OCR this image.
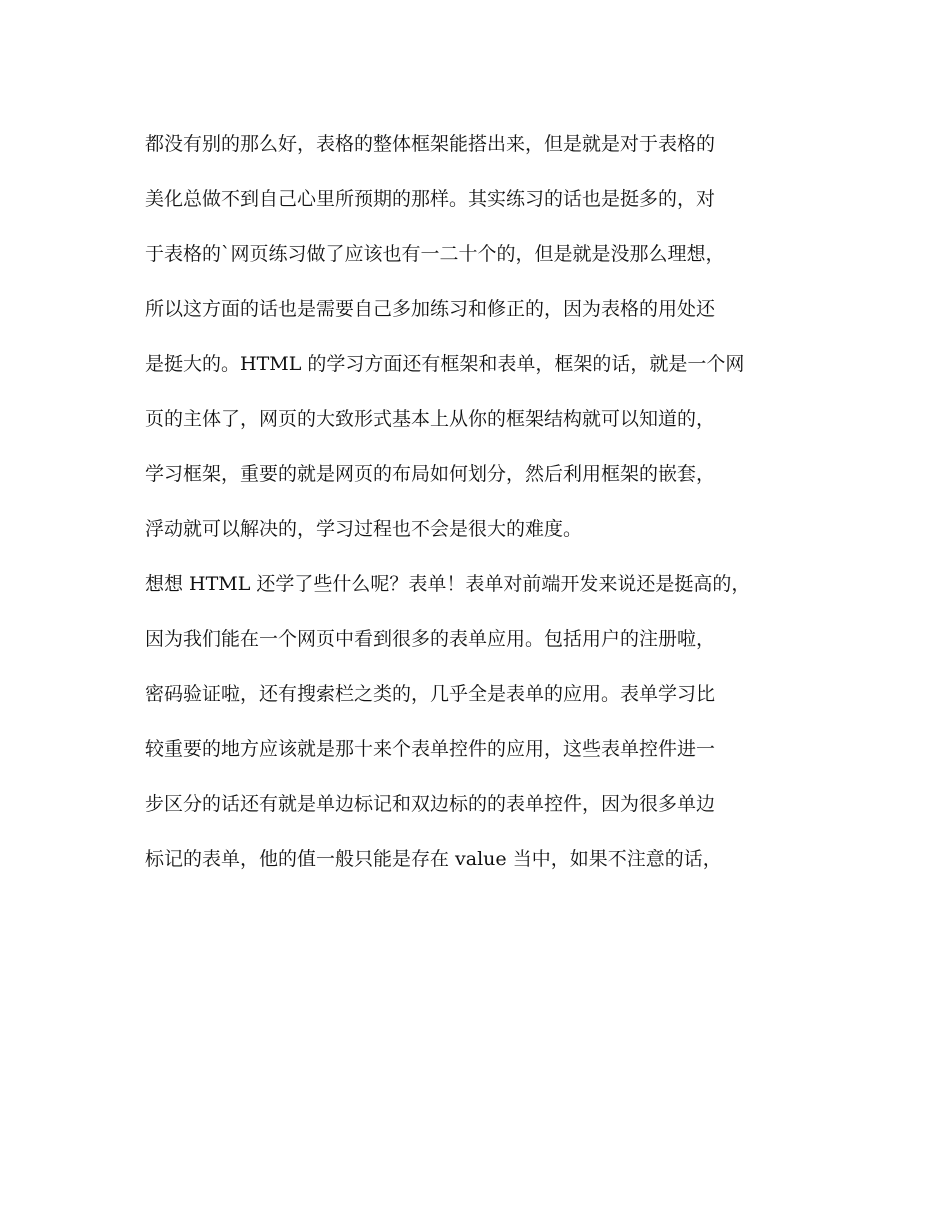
都没有别的那么好，表格的整体框架能搭出来，但是就是对于表格的
美化总做不到自己心里所预期的那样。其实练习的话也是挺多的，对
于表格的`网页练习做了应该也有一二十个的，但是就是没那么理想，
所以这方面的话也是需要自己多加练习和修正的，因为表格的用处还
是挺大的。HTML 的学习方面还有框架和表单，框架的话，就是一个网
页的主体了，网页的大致形式基本上从你的框架结构就可以知道的，
学习框架，重要的就是网页的布局如何划分，然后利用框架的嵌套，
浮动就可以解决的，学习过程也不会是很大的难度。
想想 HTML 还学了些什么呢？表单！表单对前端开发来说还是挺高的，
因为我们能在一个网页中看到很多的表单应用。包括用户的注册啦，
密码验证啦，还有搜索栏之类的，几乎全是表单的应用。表单学习比
较重要的地方应该就是那十来个表单控件的应用，这些表单控件进一
步区分的话还有就是单边标记和双边标的的表单控件，因为很多单边
标记的表单，他的值一般只能是存在 value 当中，如果不注意的话，
